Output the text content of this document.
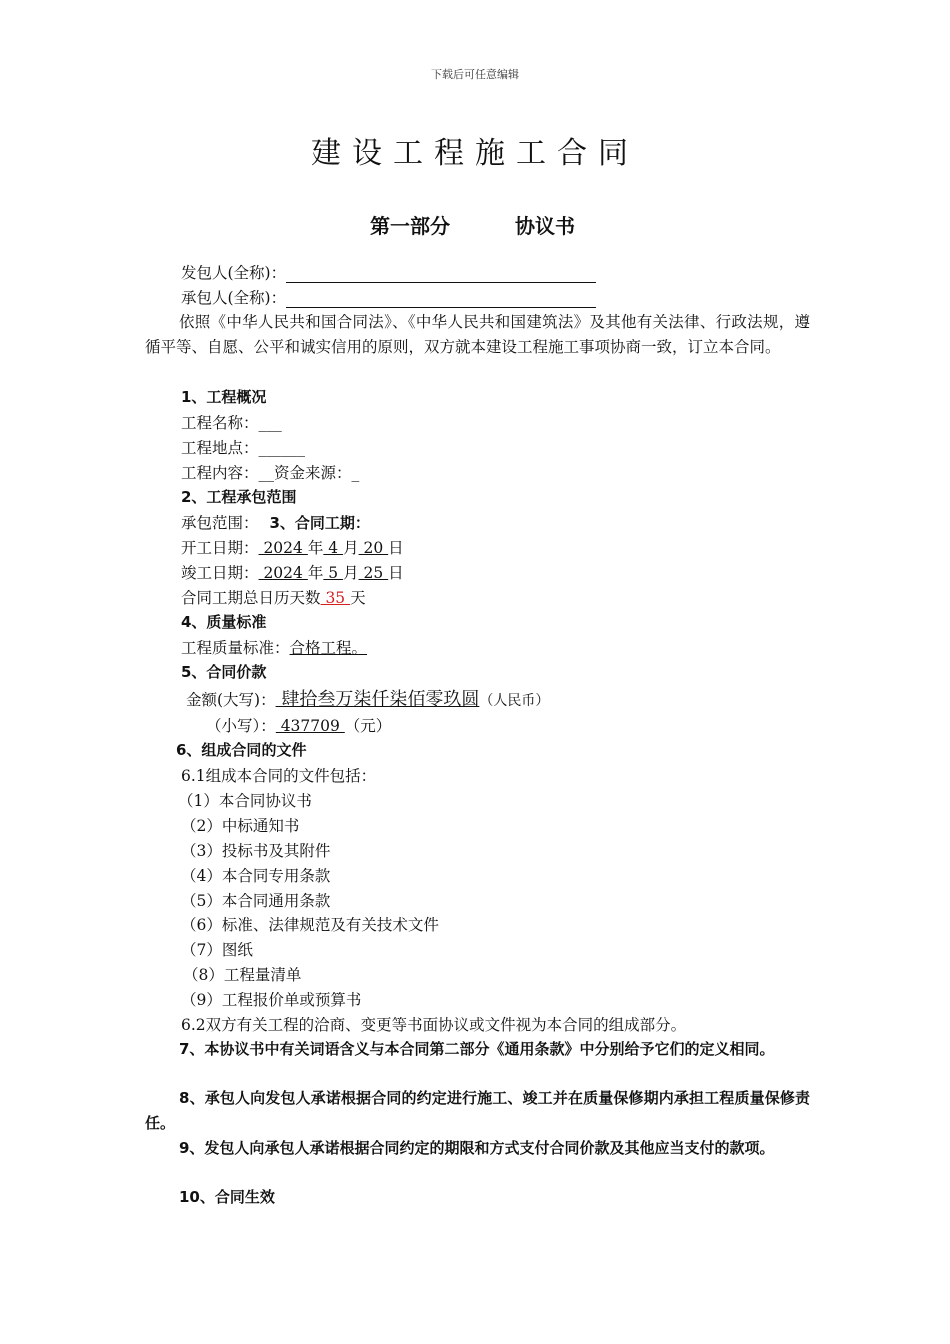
下载后可任意编辑
建设工程施工合同
第一部分	协议书
发包人(全称)：
承包人(全称)：
依照《中华人民共和国合同法》、《中华人民共和国建筑法》及其他有关法律、行政法规，遵循平等、自愿、公平和诚实信用的原则，双方就本建设工程施工事项协商一致，订立本合同。
1、工程概况
工程名称：___
工程地点：______
工程内容：__资金来源：_
2、工程承包范围
承包范围： 3、合同工期：
开工日期： 2024 年 4 月 20 日
竣工日期： 2024 年 5 月 25 日
合同工期总日历天数 35 天
4、质量标准
工程质量标准：合格工程。
5、合同价款
金额(大写)： 肆拾叁万柒仟柒佰零玖圆（人民币）
（小写）： 437709 （元）
6、组成合同的文件
6.1组成本合同的文件包括：
（1）本合同协议书
（2）中标通知书
（3）投标书及其附件
（4）本合同专用条款
（5）本合同通用条款
（6）标准、法律规范及有关技术文件
（7）图纸
（8）工程量清单
（9）工程报价单或预算书
6.2双方有关工程的洽商、变更等书面协议或文件视为本合同的组成部分。
7、本协议书中有关词语含义与本合同第二部分《通用条款》中分别给予它们的定义相同。
8、承包人向发包人承诺根据合同的约定进行施工、竣工并在质量保修期内承担工程质量保修责任。
9、发包人向承包人承诺根据合同约定的期限和方式支付合同价款及其他应当支付的款项。
10、合同生效
